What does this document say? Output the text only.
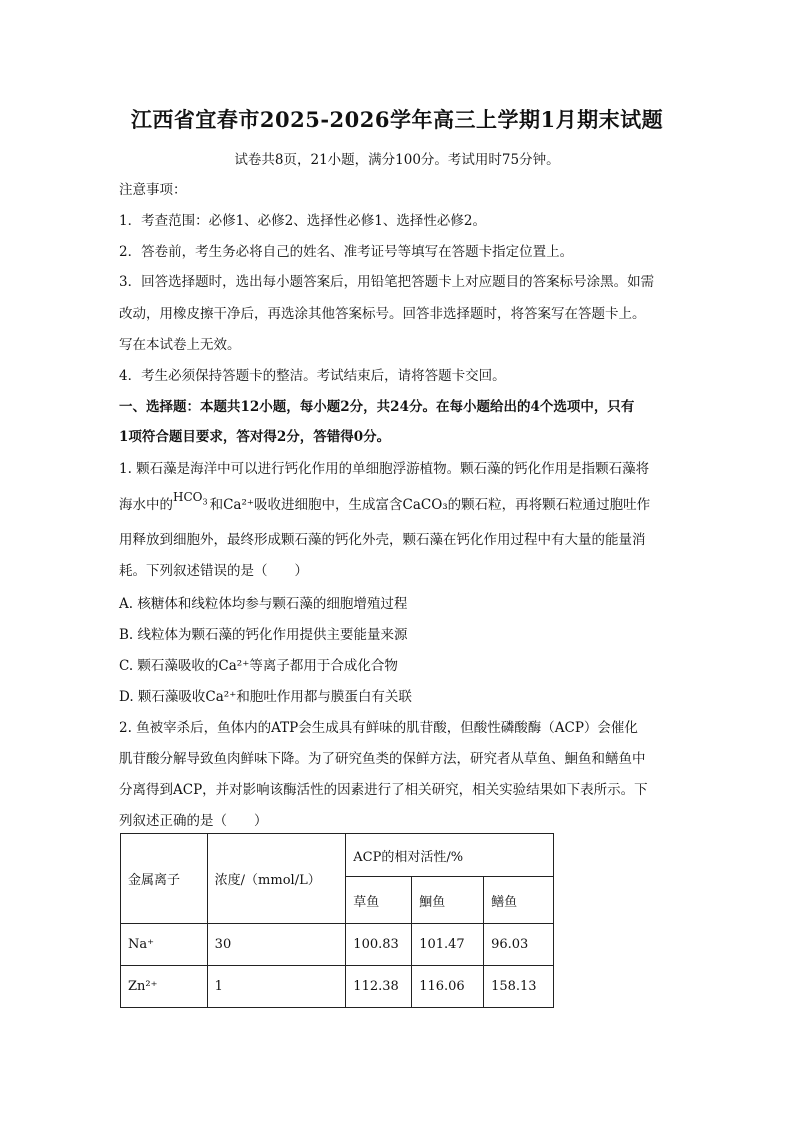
江西省宜春市2025-2026学年高三上学期1月期末试题
试卷共8页，21小题，满分100分。考试用时75分钟。
注意事项：
1．考查范围：必修1、必修2、选择性必修1、选择性必修2。
2．答卷前，考生务必将自己的姓名、准考证号等填写在答题卡指定位置上。
3．回答选择题时，选出每小题答案后，用铅笔把答题卡上对应题目的答案标号涂黑。如需
改动，用橡皮擦干净后，再选涂其他答案标号。回答非选择题时，将答案写在答题卡上。
写在本试卷上无效。
4．考生必须保持答题卡的整洁。考试结束后，请将答题卡交回。
一、选择题：本题共12小题，每小题2分，共24分。在每小题给出的4个选项中，只有
1项符合题目要求，答对得2分，答错得0分。
1. 颗石藻是海洋中可以进行钙化作用的单细胞浮游植物。颗石藻的钙化作用是指颗石藻将
海水中的$HCO_3$ 和Ca²⁺吸收进细胞中，生成富含CaCO₃的颗石粒，再将颗石粒通过胞吐作
用释放到细胞外，最终形成颗石藻的钙化外壳，颗石藻在钙化作用过程中有大量的能量消
耗。下列叙述错误的是（　　）
A. 核糖体和线粒体均参与颗石藻的细胞增殖过程
B. 线粒体为颗石藻的钙化作用提供主要能量来源
C. 颗石藻吸收的Ca²⁺等离子都用于合成化合物
D. 颗石藻吸收Ca²⁺和胞吐作用都与膜蛋白有关联
2. 鱼被宰杀后，鱼体内的ATP会生成具有鲜味的肌苷酸，但酸性磷酸酶（ACP）会催化
肌苷酸分解导致鱼肉鲜味下降。为了研究鱼类的保鲜方法，研究者从草鱼、鮰鱼和鳝鱼中
分离得到ACP，并对影响该酶活性的因素进行了相关研究，相关实验结果如下表所示。下
列叙述正确的是（　　）
金属离子	浓度/（mmol/L）	ACP的相对活性/%		
		草鱼	鮰鱼	鳝鱼
Na⁺	30	100.83	101.47	96.03
Zn²⁺	1	112.38	116.06	158.13
